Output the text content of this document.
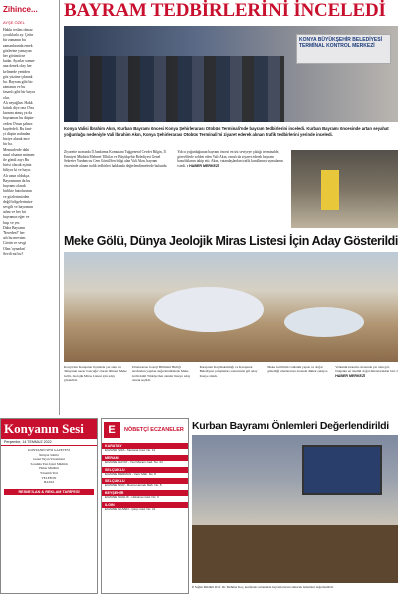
Zihince...
AYŞE ÖZEL
Hakkı teslim olmaz
çocuklarla ay. Çetin
bir zamanın bu
zamanlarında emek
gözlerine yansıyan
her görüntü ne
kadar. Ayarlar sonun-
una denek olay her
kelimede yeniden
göz yüzüne çıkmak
bu. Bayram gibi bir
zamanın ve bu
fasarılı gibi bir bayra
olur.
Alı neyağlan. Hakk
lattırk diye ona O'na
karnını atmış ya da
bayramını bu düşün-
ceden O'nun şahsın
kaydedeli. Bu fani-
yi düşün ardından
biziye alarak ince
bir ba.
Memurlerde dahi
nasıl olsanın mümen
ile gönül zayı Bu
birisi olacak eşiniz
biliyor ki ve hayır.
Alı uzun oldukça.
Bayramının da bu
bayramı olarak
birlikte hatırlarının
ve gözlerimizden
değil bölgelerimize
sevgili ve bayramın
adını ve her bir
bayramın eğer ve
başı ve yer.
Daha Bayramı
'Nereden?' her
adı bu mevsim.
Görün ve sevgi
Olan 'aynadan'
Sevdi mi bu?
BAYRAM TEDBİRLERİNİ İNCELEDİ
KONYA BÜYÜKŞEHİR BELEDİYESİ TERMİNAL KONTROL MERKEZİ
Konya Valisi İbrahim Akın, Kurban Bayramı öncesi Konya Şehirlerarası Otobüs Terminali'nde bayram tedbirlerini inceledi. Kurban Bayramı öncesinde artan seyahat yoğunluğu nedeniyle Vali İbrahim Akın, Konya Şehirlerarası Otobüs Terminali'ni ziyaret ederek alınan trafik tedbirlerini yerinde inceledi.
Ziyarette sırasında İl Jandarma Komutanı Tuğgeneral Cevdet Bilgin, İl Emniyet Müdürü Mehmet Tilkilar ve Büyükşehir Belediyesi Genel Sekreter Yardımcısı Cem Gönül'den bilgi alan Vali Akın, bayram öncesinde alınan trafik tedbirleri hakkında değerlendirmelerde bulundu.
Yolcu yoğunluğunun bayram öncesi en üst seviyeye çıktığı terminalde, görevlilerle sohbet eden Vali Akın, esnafı da ziyaret ederek bayram hazırlıklarını takip etti. Akın, vatandaşlardan trafik kurallarına uymalarını istedi. • HABER MERKEZİ
Meke Gölü, Dünya Jeolojik Miras Listesi İçin Aday Gösterildi
Konya'nın Karapınar ilçesinde yer alan ve 'dünyanın nazar boncuğu' olarak bilinen Meke Gölü, Jeolojik Miras Listesi için aday gösterildi.
Uluslararası Jeoloji Bilimleri Birliği tarafından yapılan değerlendirmede Meke Gölü dahil Türkiye'den alanlar listeye aday olarak seçildi.
Karapınar Kaymakamlığı ve Karapınar Belediyesi çalışmaları sonucunda göl aday listeye alındı.
Meke Gölü'nün volkanik yapısı ve doğal güzelliği uluslararası arenada dikkat çekiyor.
Volkanik kraterin ortasında yer alan göl, bölgenin en önemli doğal miraslarından biri. • HABER MERKEZİ
Konyanın Sesi
Perşembe, 14 TEMMUZ 2022
KONYANIN SESİ GAZETESİ
İmtiyaz Sahibi
Genel Yayın Yönetmeni
Sorumlu Yazı İşleri Müdürü
Haber Müdürü
Yönetim Yeri
TELEFON
BASKI
RESMİ İLAN & REKLAM TARİFESİ
E	NÖBETÇİ ECZANELER
KARATAY
ECZANE ŞIFA - Mevlana Cad. No: 12
MERAM
ECZANE HAYAT - Yeni Meram Cad. No: 44
SELÇUKLU
ECZANE DERMAN - Yazır Mah. No: 8
SELÇUKLU
ECZANE NUR - Bosna Hersek Mah. No: 5
BEYŞEHİR
ECZANE SAĞLIK - Hükümet Cad. No: 3
ILGIN
ECZANE GÜVEN - Çarşı Cad. No: 21
Kurban Bayramı Önlemleri Değerlendirildi
İl Sağlık Müdürü Prof. Dr. Mehmet Koç, konferans salonunda bayram öncesi alınacak önlemleri değerlendirdi.
